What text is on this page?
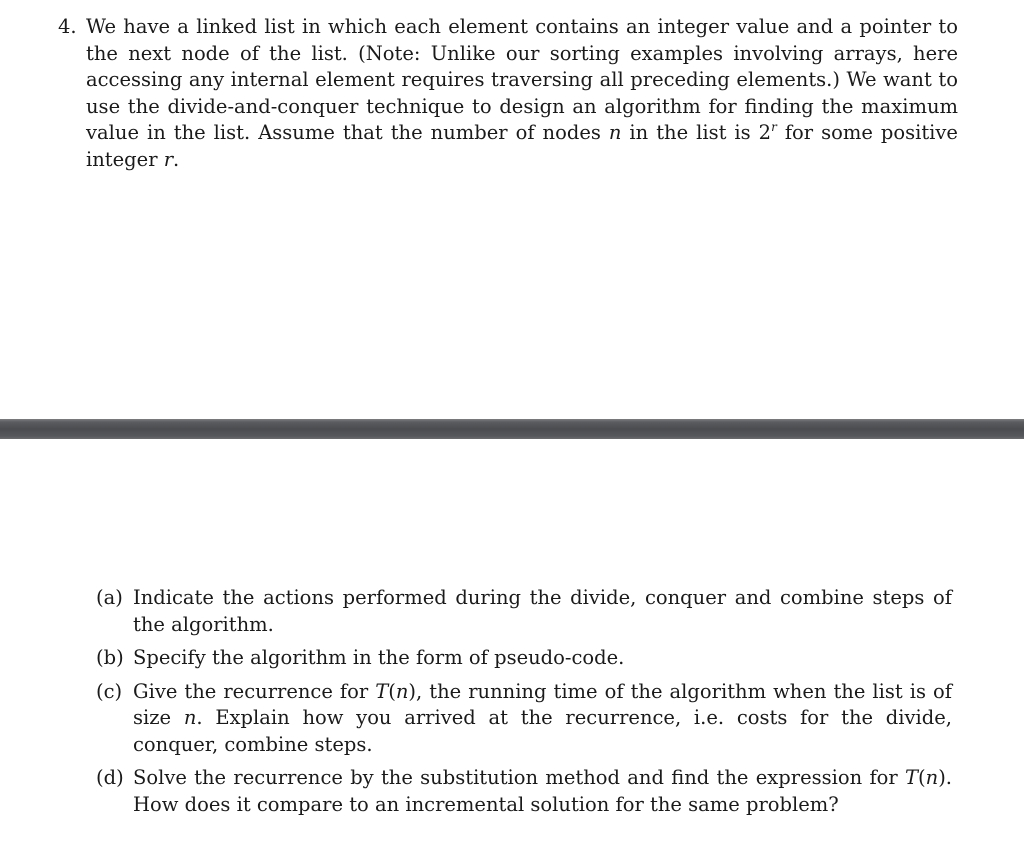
4. We have a linked list in which each element contains an integer value and a pointer to the next node of the list. (Note: Unlike our sorting examples involving arrays, here accessing any internal element requires traversing all preceding elements.) We want to use the divide-and-conquer technique to design an algorithm for finding the maximum value in the list. Assume that the number of nodes n in the list is 2$^r$ for some positive integer r.
(a) Indicate the actions performed during the divide, conquer and combine steps of the algorithm.
(b) Specify the algorithm in the form of pseudo-code.
(c) Give the recurrence for T(n), the running time of the algorithm when the list is of size n. Explain how you arrived at the recurrence, i.e. costs for the divide, conquer, combine steps.
(d) Solve the recurrence by the substitution method and find the expression for T(n). How does it compare to an incremental solution for the same problem?
